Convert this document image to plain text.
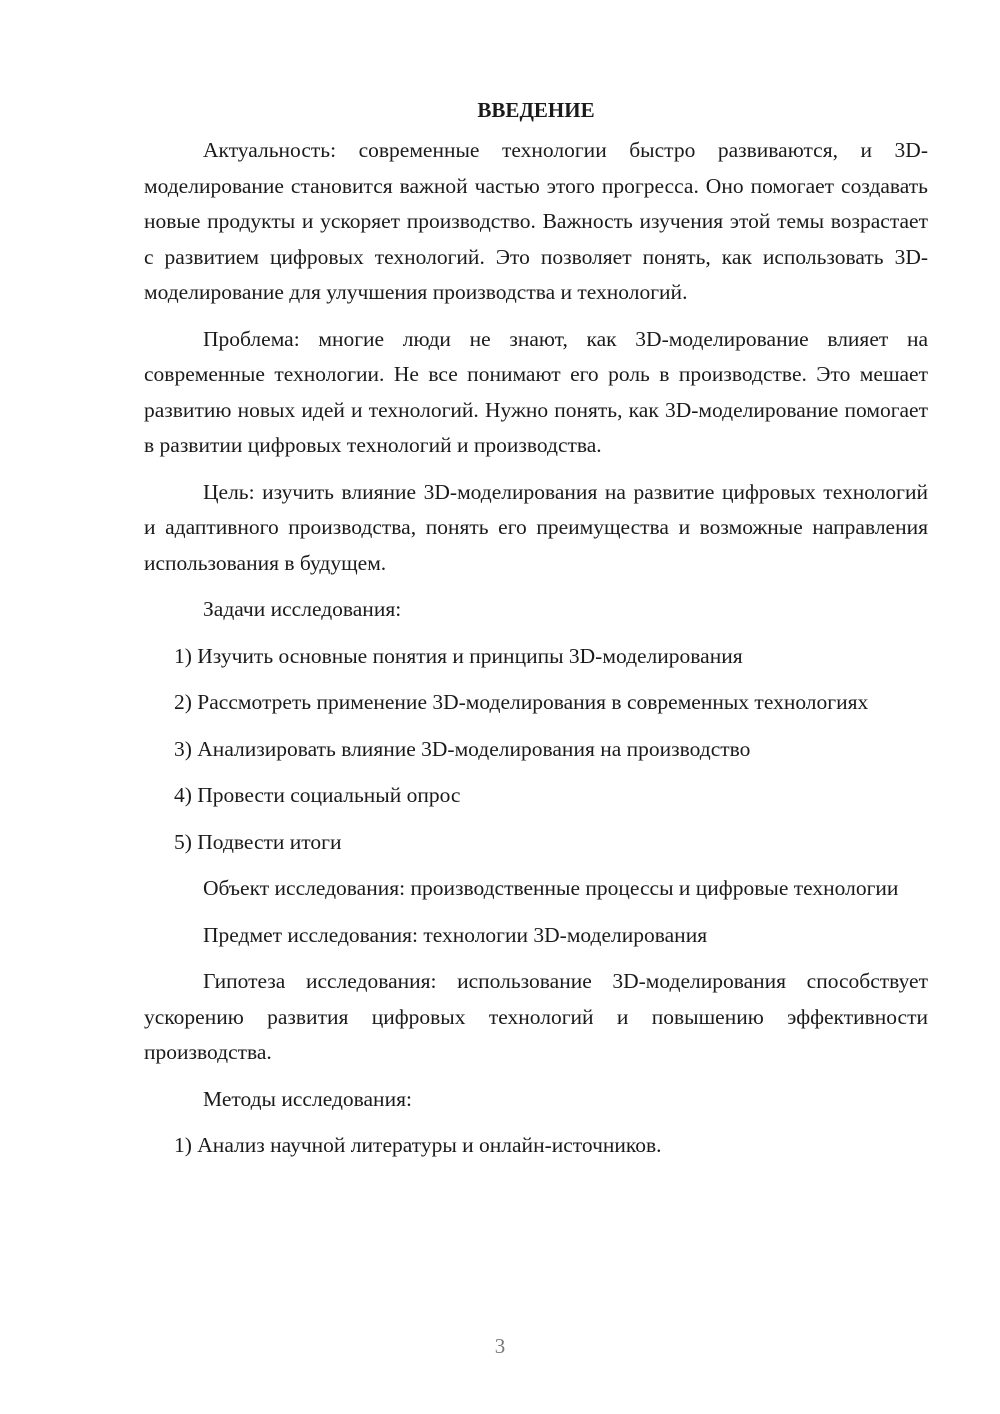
ВВЕДЕНИЕ

Актуальность: современные технологии быстро развиваются, и 3D-моделирование становится важной частью этого прогресса. Оно помогает создавать новые продукты и ускоряет производство. Важность изучения этой темы возрастает с развитием цифровых технологий. Это позволяет понять, как использовать 3D-моделирование для улучшения производства и технологий.

Проблема: многие люди не знают, как 3D-моделирование влияет на современные технологии. Не все понимают его роль в производстве. Это мешает развитию новых идей и технологий. Нужно понять, как 3D-моделирование помогает в развитии цифровых технологий и производства.

Цель: изучить влияние 3D-моделирования на развитие цифровых технологий и адаптивного производства, понять его преимущества и возможные направления использования в будущем.

Задачи исследования:

1) Изучить основные понятия и принципы 3D-моделирования

2) Рассмотреть применение 3D-моделирования в современных технологиях

3) Анализировать влияние 3D-моделирования на производство

4) Провести социальный опрос

5) Подвести итоги

Объект исследования: производственные процессы и цифровые технологии

Предмет исследования: технологии 3D-моделирования

Гипотеза исследования: использование 3D-моделирования способствует ускорению развития цифровых технологий и повышению эффективности производства.

Методы исследования:

1) Анализ научной литературы и онлайн-источников.

3
